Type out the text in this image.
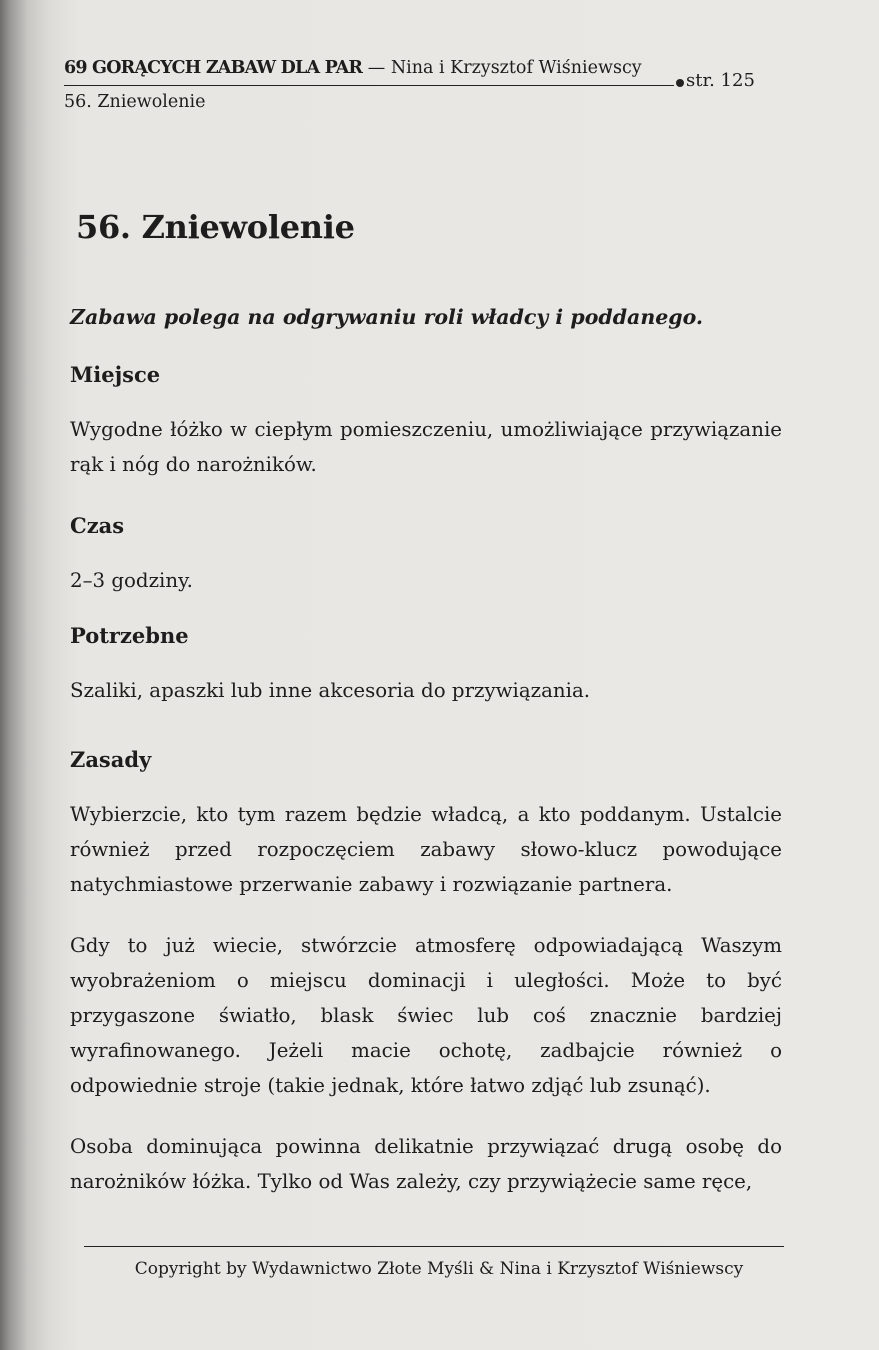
69 GORĄCYCH ZABAW DLA PAR — Nina i Krzysztof Wiśniewscy
str. 125
56. Zniewolenie
56. Zniewolenie

Zabawa polega na odgrywaniu roli władcy i poddanego.

Miejsce

Wygodne łóżko w ciepłym pomieszczeniu, umożliwiające przywiązanie rąk i nóg do narożników.

Czas

2–3 godziny.

Potrzebne

Szaliki, apaszki lub inne akcesoria do przywiązania.

Zasady

Wybierzcie, kto tym razem będzie władcą, a kto poddanym. Ustalcie również przed rozpoczęciem zabawy słowo-klucz powodujące natychmiastowe przerwanie zabawy i rozwiązanie partnera.

Gdy to już wiecie, stwórzcie atmosferę odpowiadającą Waszym wyobrażeniom o miejscu dominacji i uległości. Może to być przygaszone światło, blask świec lub coś znacznie bardziej wyrafinowanego. Jeżeli macie ochotę, zadbajcie również o odpowiednie stroje (takie jednak, które łatwo zdjąć lub zsunąć).

Osoba dominująca powinna delikatnie przywiązać drugą osobę do narożników łóżka. Tylko od Was zależy, czy przywiążecie same ręce,

Copyright by Wydawnictwo Złote Myśli & Nina i Krzysztof Wiśniewscy
